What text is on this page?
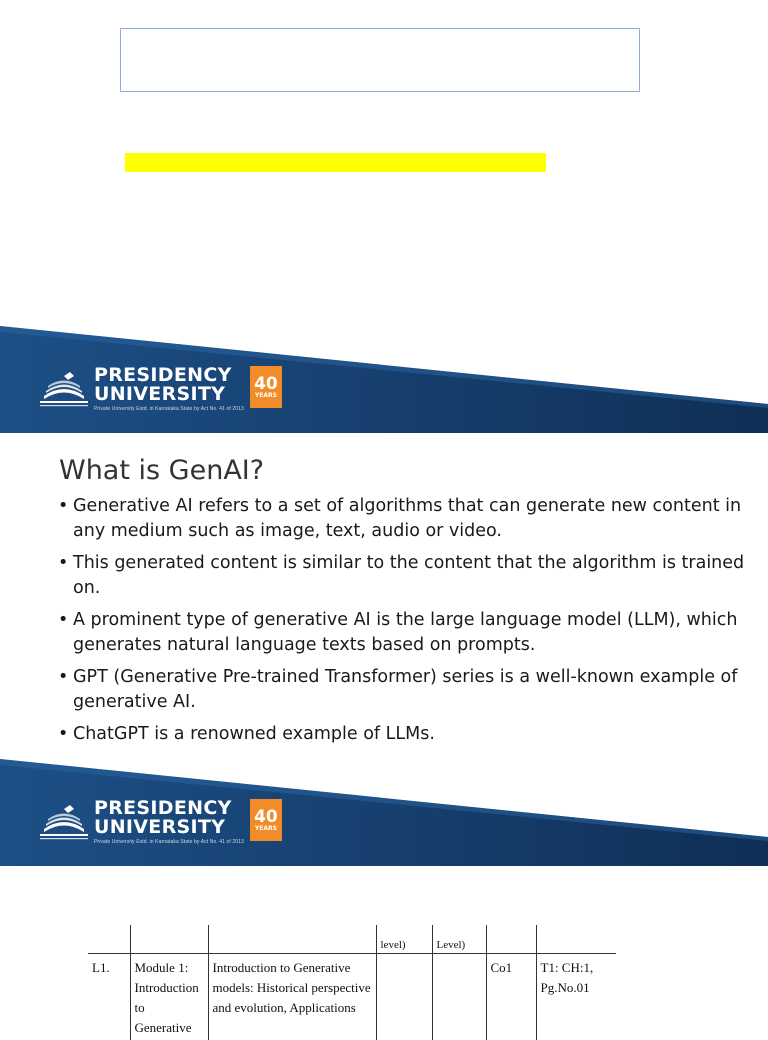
PRESIDENCY
UNIVERSITY
Private University Estd. in Karnataka State by Act No. 41 of 2013
40
YEARS
What is GenAI?
• Generative AI refers to a set of algorithms that can generate new content in any medium such as image, text, audio or video.
• This generated content is similar to the content that the algorithm is trained on.
• A prominent type of generative AI is the large language model (LLM), which generates natural language texts based on prompts.
• GPT (Generative Pre-trained Transformer) series is a well-known example of generative AI.
• ChatGPT is a renowned example of LLMs.
PRESIDENCY
UNIVERSITY
Private University Estd. in Karnataka State by Act No. 41 of 2013
40
YEARS
			level)	Level)		
L1.	Module 1: Introduction to Generative	Introduction to Generative models: Historical perspective and evolution, Applications			Co1	T1: CH:1, Pg.No.01
